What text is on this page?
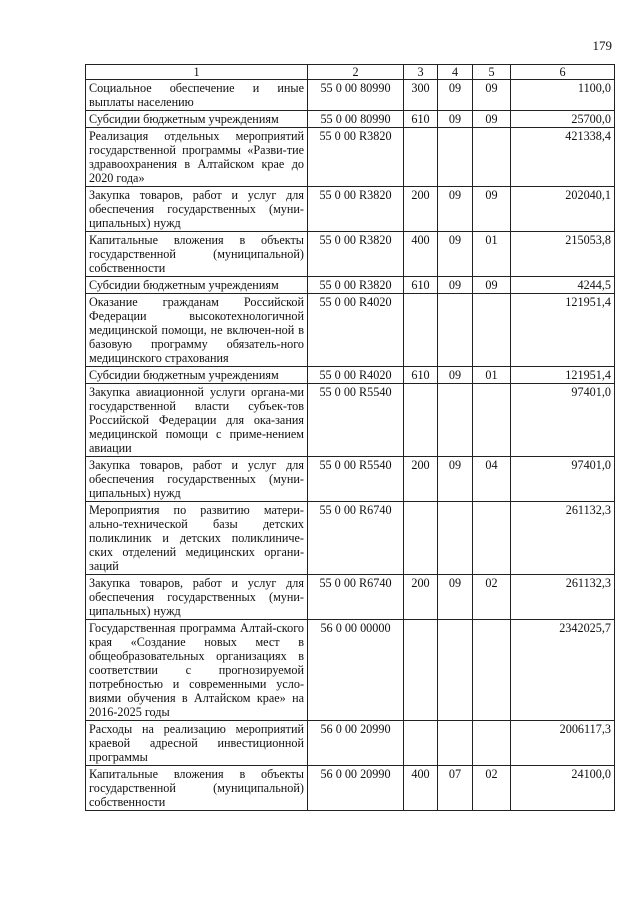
179
1	2	3	4	5	6
Социальное обеспечение и иные выплаты населению	55 0 00 80990	300	09	09	1100,0
Субсидии бюджетным учреждениям	55 0 00 80990	610	09	09	25700,0
Реализация отдельных мероприятий государственной программы «Разви-тие здравоохранения в Алтайском крае до 2020 года»	55 0 00 R3820				421338,4
Закупка товаров, работ и услуг для обеспечения государственных (муни-ципальных) нужд	55 0 00 R3820	200	09	09	202040,1
Капитальные вложения в объекты государственной (муниципальной) собственности	55 0 00 R3820	400	09	01	215053,8
Субсидии бюджетным учреждениям	55 0 00 R3820	610	09	09	4244,5
Оказание гражданам Российской Федерации высокотехнологичной медицинской помощи, не включен-ной в базовую программу обязатель-ного медицинского страхования	55 0 00 R4020				121951,4
Субсидии бюджетным учреждениям	55 0 00 R4020	610	09	01	121951,4
Закупка авиационной услуги органа-ми государственной власти субъек-тов Российской Федерации для ока-зания медицинской помощи с приме-нением авиации	55 0 00 R5540				97401,0
Закупка товаров, работ и услуг для обеспечения государственных (муни-ципальных) нужд	55 0 00 R5540	200	09	04	97401,0
Мероприятия по развитию матери-ально-технической базы детских поликлиник и детских поликлиниче-ских отделений медицинских органи-заций	55 0 00 R6740				261132,3
Закупка товаров, работ и услуг для обеспечения государственных (муни-ципальных) нужд	55 0 00 R6740	200	09	02	261132,3
Государственная программа Алтай-ского края «Создание новых мест в общеобразовательных организациях в соответствии с прогнозируемой потребностью и современными усло-виями обучения в Алтайском крае» на 2016-2025 годы	56 0 00 00000				2342025,7
Расходы на реализацию мероприятий краевой адресной инвестиционной программы	56 0 00 20990				2006117,3
Капитальные вложения в объекты государственной (муниципальной) собственности	56 0 00 20990	400	07	02	24100,0
